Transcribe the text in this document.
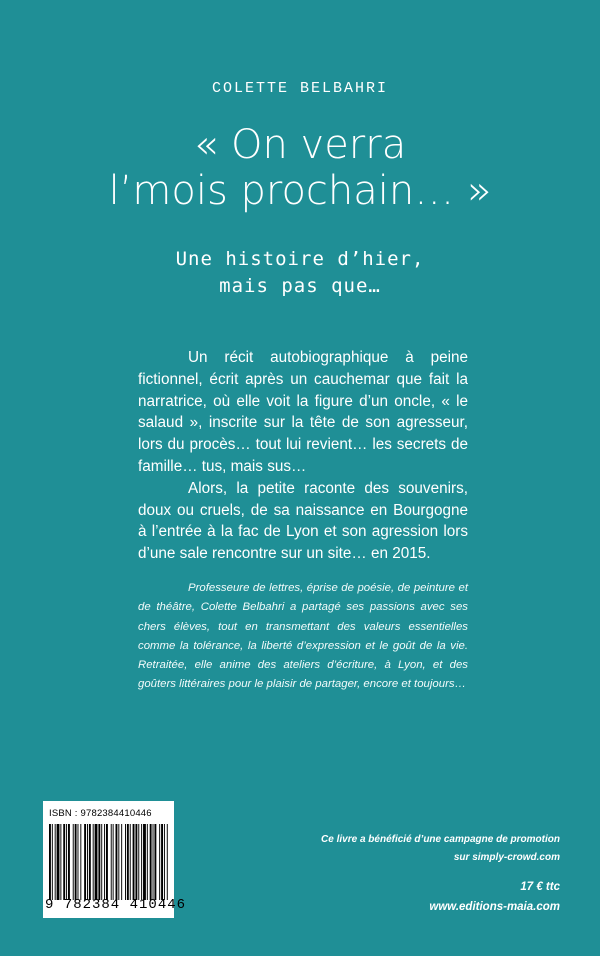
COLETTE BELBAHRI
« On verra
l’mois prochain… »
Une histoire d’hier,
mais pas que…

Un récit autobiographique à peine fictionnel, écrit après un cauchemar que fait la narratrice, où elle voit la figure d’un oncle, « le salaud », inscrite sur la tête de son agresseur, lors du procès… tout lui revient… les secrets de famille… tus, mais sus…

Alors, la petite raconte des souvenirs, doux ou cruels, de sa naissance en Bourgogne à l’entrée à la fac de Lyon et son agression lors d’une sale rencontre sur un site… en 2015.

Professeure de lettres, éprise de poésie, de peinture et de théâtre, Colette Belbahri a partagé ses passions avec ses chers élèves, tout en transmettant des valeurs essentielles comme la tolérance, la liberté d’expression et le goût de la vie. Retraitée, elle anime des ateliers d’écriture, à Lyon, et des goûters littéraires pour le plaisir de partager, encore et toujours…
ISBN : 9782384410446
9 782384 410446
Ce livre a bénéficié d’une campagne de promotion
sur simply-crowd.com
17 € ttc
www.editions-maia.com
